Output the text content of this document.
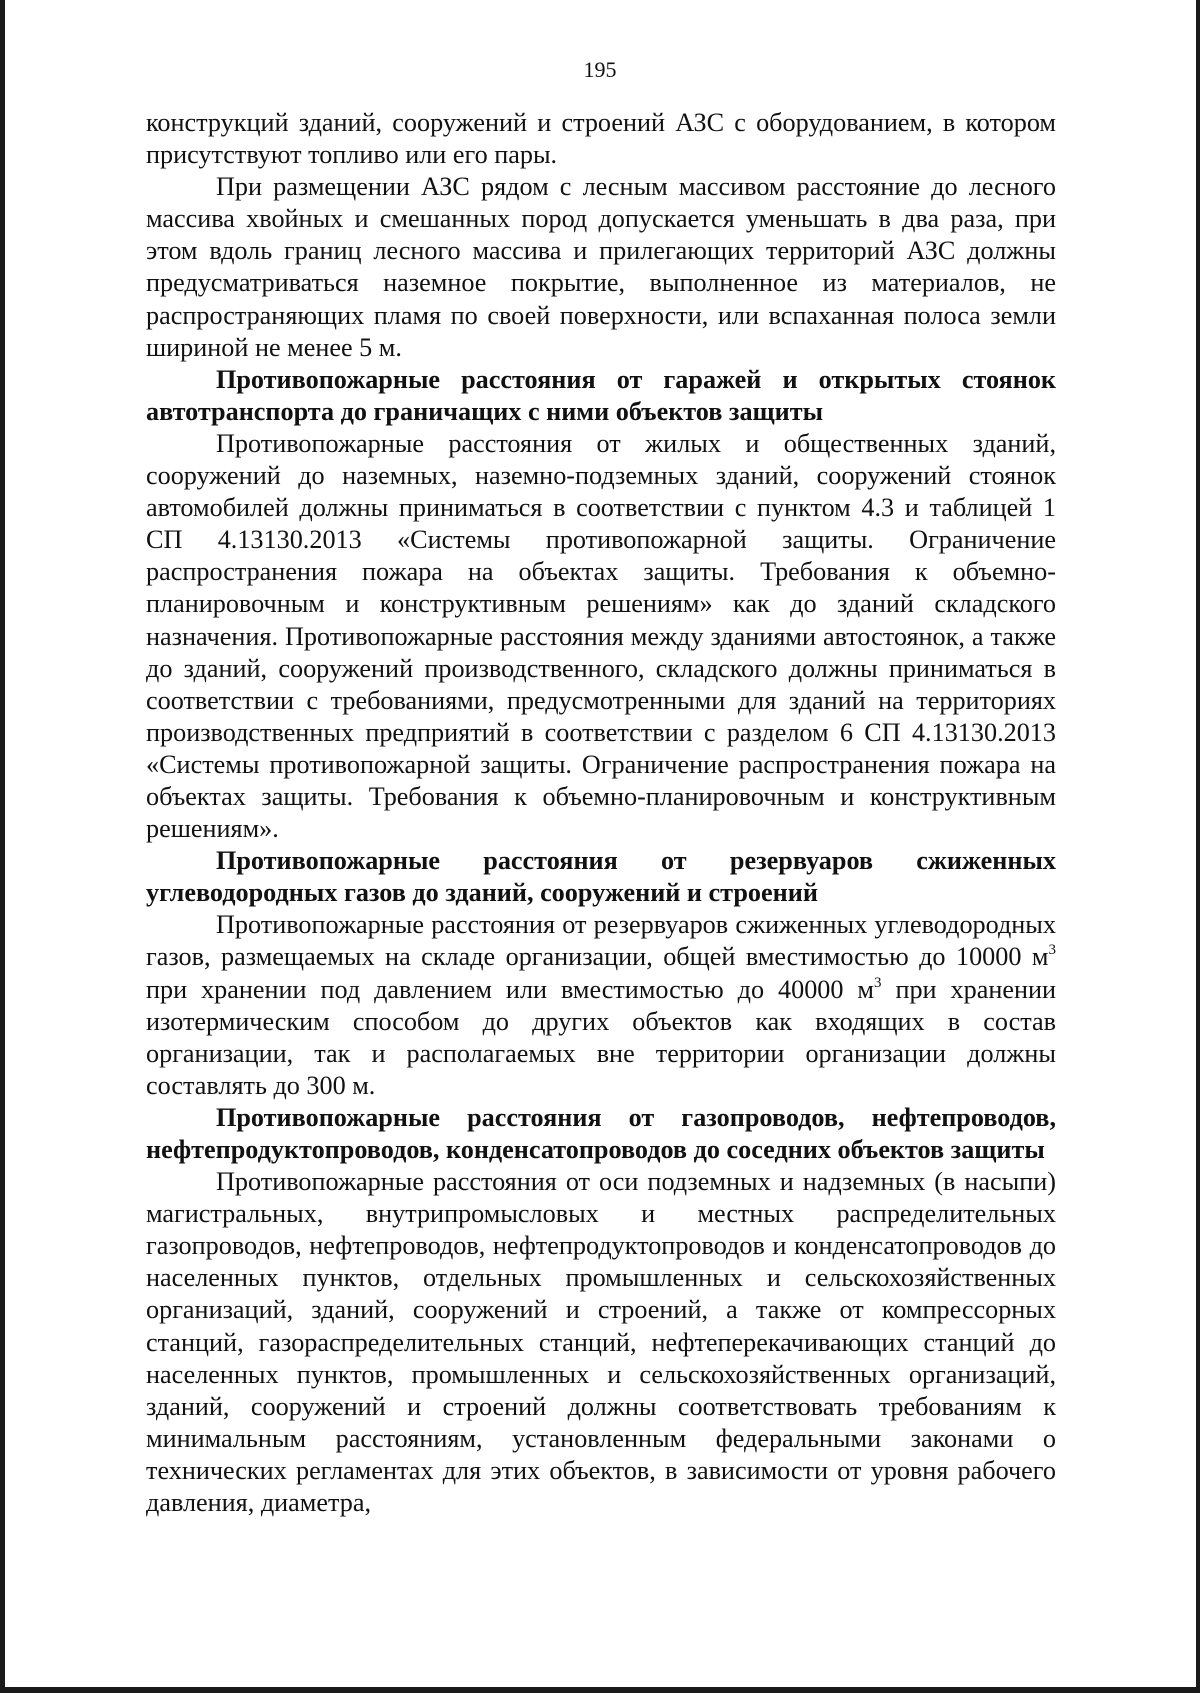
195

конструкций зданий, сооружений и строений АЗС с оборудованием, в котором присутствуют топливо или его пары.

При размещении АЗС рядом с лесным массивом расстояние до лесного массива хвойных и смешанных пород допускается уменьшать в два раза, при этом вдоль границ лесного массива и прилегающих территорий АЗС должны предусматриваться наземное покрытие, выполненное из материалов, не распространяющих пламя по своей поверхности, или вспаханная полоса земли шириной не менее 5 м.

Противопожарные расстояния от гаражей и открытых стоянок автотранспорта до граничащих с ними объектов защиты

Противопожарные расстояния от жилых и общественных зданий, сооружений до наземных, наземно-подземных зданий, сооружений стоянок автомобилей должны приниматься в соответствии с пунктом 4.3 и таблицей 1 СП 4.13130.2013 «Системы противопожарной защиты. Ограничение распространения пожара на объектах защиты. Требования к объемно-планировочным и конструктивным решениям» как до зданий складского назначения. Противопожарные расстояния между зданиями автостоянок, а также до зданий, сооружений производственного, складского должны приниматься в соответствии с требованиями, предусмотренными для зданий на территориях производственных предприятий в соответствии с разделом 6 СП 4.13130.2013 «Системы противопожарной защиты. Ограничение распространения пожара на объектах защиты. Требования к объемно-планировочным и конструктивным решениям».

Противопожарные расстояния от резервуаров сжиженных углеводородных газов до зданий, сооружений и строений

Противопожарные расстояния от резервуаров сжиженных углеводородных газов, размещаемых на складе организации, общей вместимостью до 10000 $м^3$ при хранении под давлением или вместимостью до 40000 $м^3$ при хранении изотермическим способом до других объектов как входящих в состав организации, так и располагаемых вне территории организации должны составлять до 300 м.

Противопожарные расстояния от газопроводов, нефтепроводов, нефтепродуктопроводов, конденсатопроводов до соседних объектов защиты

Противопожарные расстояния от оси подземных и надземных (в насыпи) магистральных, внутрипромысловых и местных распределительных газопроводов, нефтепроводов, нефтепродуктопроводов и конденсатопроводов до населенных пунктов, отдельных промышленных и сельскохозяйственных организаций, зданий, сооружений и строений, а также от компрессорных станций, газораспределительных станций, нефтеперекачивающих станций до населенных пунктов, промышленных и сельскохозяйственных организаций, зданий, сооружений и строений должны соответствовать требованиям к минимальным расстояниям, установленным федеральными законами о технических регламентах для этих объектов, в зависимости от уровня рабочего давления, диаметра,
